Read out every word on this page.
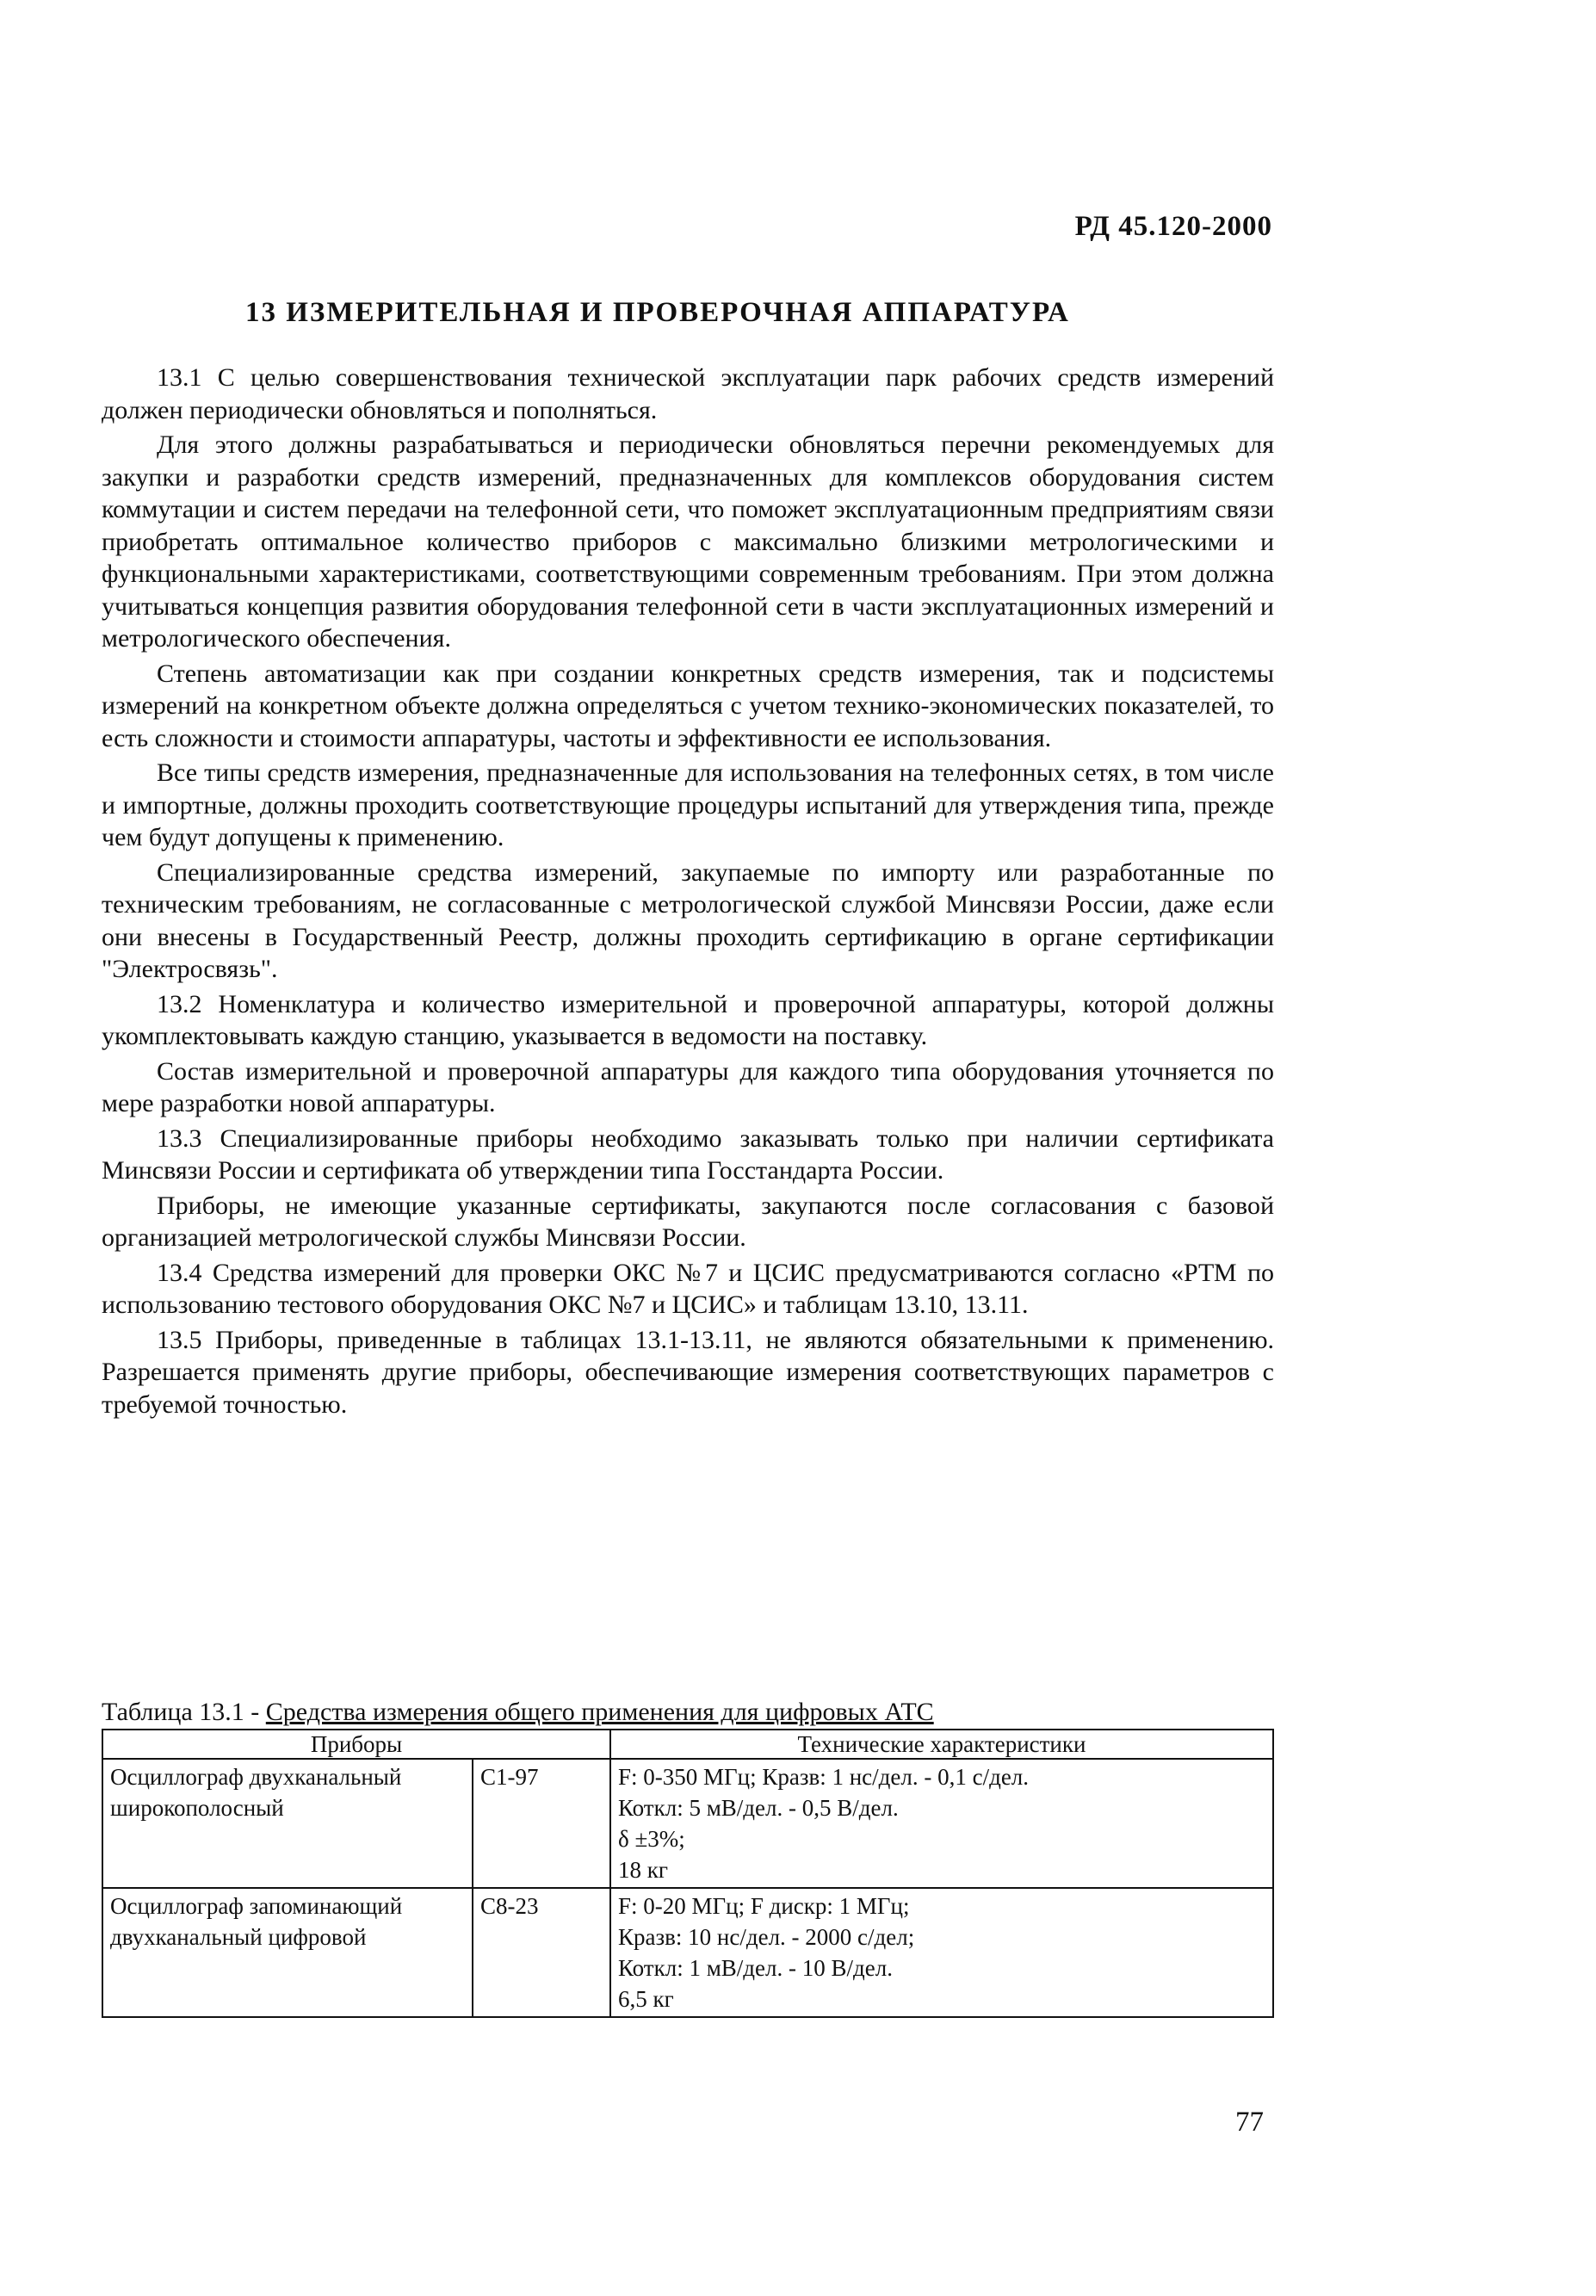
РД 45.120-2000
13 ИЗМЕРИТЕЛЬНАЯ И ПРОВЕРОЧНАЯ АППАРАТУРА

13.1 С целью совершенствования технической эксплуатации парк рабочих средств измерений должен периодически обновляться и пополняться.

Для этого должны разрабатываться и периодически обновляться перечни рекомендуемых для закупки и разработки средств измерений, предназначенных для комплексов оборудования систем коммутации и систем передачи на телефонной сети, что поможет эксплуатационным предприятиям связи приобретать оптимальное количество приборов с максимально близкими метрологическими и функциональными характеристиками, соответствующими современным требованиям. При этом должна учитываться концепция развития оборудования телефонной сети в части эксплуатационных измерений и метрологического обеспечения.

Степень автоматизации как при создании конкретных средств измерения, так и подсистемы измерений на конкретном объекте должна определяться с учетом технико-экономических показателей, то есть сложности и стоимости аппаратуры, частоты и эффективности ее использования.

Все типы средств измерения, предназначенные для использования на телефонных сетях, в том числе и импортные, должны проходить соответствующие процедуры испытаний для утверждения типа, прежде чем будут допущены к применению.

Специализированные средства измерений, закупаемые по импорту или разработанные по техническим требованиям, не согласованные с метрологической службой Минсвязи России, даже если они внесены в Государственный Реестр, должны проходить сертификацию в органе сертификации "Электросвязь".

13.2 Номенклатура и количество измерительной и проверочной аппаратуры, которой должны укомплектовывать каждую станцию, указывается в ведомости на поставку.

Состав измерительной и проверочной аппаратуры для каждого типа оборудования уточняется по мере разработки новой аппаратуры.

13.3 Специализированные приборы необходимо заказывать только при наличии сертификата Минсвязи России и сертификата об утверждении типа Госстандарта России.

Приборы, не имеющие указанные сертификаты, закупаются после согласования с базовой организацией метрологической службы Минсвязи России.

13.4 Средства измерений для проверки ОКС №7 и ЦСИС предусматриваются согласно «РТМ по использованию тестового оборудования ОКС №7 и ЦСИС» и таблицам 13.10, 13.11.

13.5 Приборы, приведенные в таблицах 13.1-13.11, не являются обязательными к применению. Разрешается применять другие приборы, обеспечивающие измерения соответствующих параметров с требуемой точностью.

Таблица 13.1 - Средства измерения общего применения для цифровых АТС
Приборы		Технические характеристики
Осциллограф двухканальный широкополосный	С1-97	F: 0-350 МГц; Кразв: 1 нс/дел. - 0,1 с/дел.
Коткл: 5 мВ/дел. - 0,5 В/дел.
δ ±3%;
18 кг

Осциллограф запоминающий двухканальный цифровой	С8-23	F: 0-20 МГц; F дискр: 1 МГц;
Кразв: 10 нс/дел. - 2000 с/дел;
Коткл: 1 мВ/дел. - 10 В/дел.
6,5 кг
77
